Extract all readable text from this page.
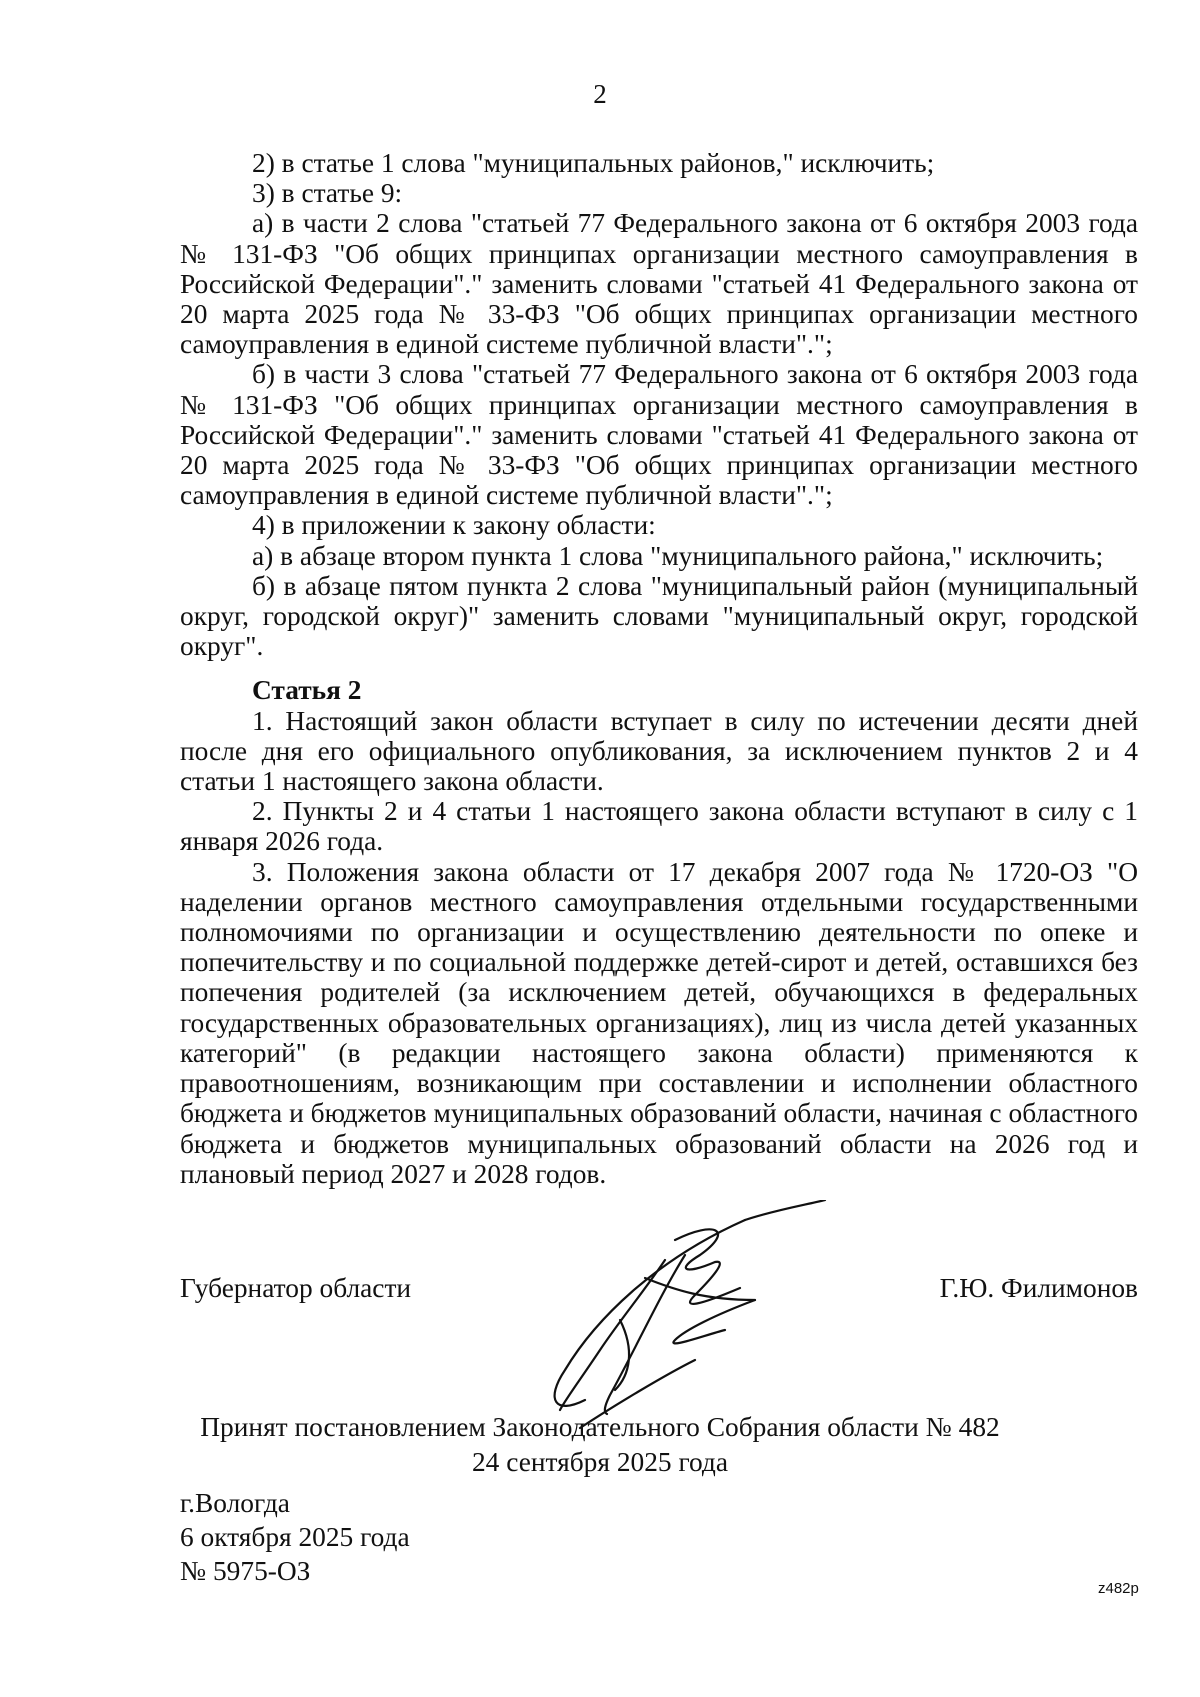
2

2) в статье 1 слова "муниципальных районов," исключить;

3) в статье 9:

а) в части 2 слова "статьей 77 Федерального закона от 6 октября 2003 года № 131-ФЗ "Об общих принципах организации местного самоуправления в Российской Федерации"." заменить словами "статьей 41 Федерального закона от 20 марта 2025 года № 33-ФЗ "Об общих принципах организации местного самоуправления в единой системе публичной власти".";

б) в части 3 слова "статьей 77 Федерального закона от 6 октября 2003 года № 131-ФЗ "Об общих принципах организации местного самоуправления в Российской Федерации"." заменить словами "статьей 41 Федерального закона от 20 марта 2025 года № 33-ФЗ "Об общих принципах организации местного самоуправления в единой системе публичной власти".";

4) в приложении к закону области:

а) в абзаце втором пункта 1 слова "муниципального района," исключить;

б) в абзаце пятом пункта 2 слова "муниципальный район (муниципальный округ, городской округ)" заменить словами "муниципальный округ, городской округ".

Статья 2

1. Настоящий закон области вступает в силу по истечении десяти дней после дня его официального опубликования, за исключением пунктов 2 и 4 статьи 1 настоящего закона области.

2. Пункты 2 и 4 статьи 1 настоящего закона области вступают в силу с 1 января 2026 года.

3. Положения закона области от 17 декабря 2007 года № 1720-ОЗ "О наделении органов местного самоуправления отдельными государственными полномочиями по организации и осуществлению деятельности по опеке и попечительству и по социальной поддержке детей-сирот и детей, оставшихся без попечения родителей (за исключением детей, обучающихся в федеральных государственных образовательных организациях), лиц из числа детей указанных категорий" (в редакции настоящего закона области) применяются к правоотношениям, возникающим при составлении и исполнении областного бюджета и бюджетов муниципальных образований области, начиная с областного бюджета и бюджетов муниципальных образований области на 2026 год и плановый период 2027 и 2028 годов.

Губернатор области	Г.Ю. Филимонов
Принят постановлением Законодательного Собрания области № 482
24 сентября 2025 года
г.Вологда
6 октября 2025 года
№ 5975-ОЗ
z482p
